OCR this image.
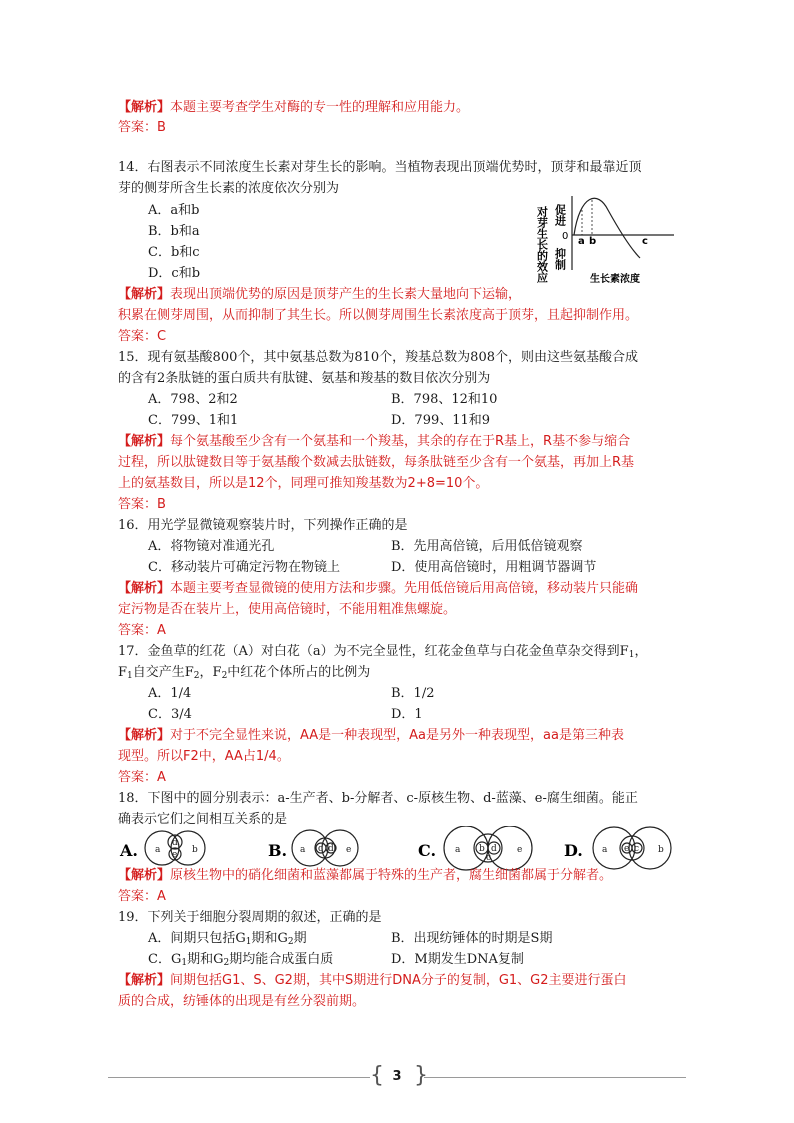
【解析】本题主要考查学生对酶的专一性的理解和应用能力。
答案：B
14．右图表示不同浓度生长素对芽生长的影响。当植物表现出顶端优势时，顶芽和最靠近顶
芽的侧芽所含生长素的浓度依次分别为
A．a和b
B．b和a
C．b和c
D．c和b	对芽生长的效应 促进
0
抑制
a b	c
生长素浓度
【解析】表现出顶端优势的原因是顶芽产生的生长素大量地向下运输，
积累在侧芽周围，从而抑制了其生长。所以侧芽周围生长素浓度高于顶芽，且起抑制作用。
答案：C
15．现有氨基酸800个，其中氨基总数为810个，羧基总数为808个，则由这些氨基酸合成
的含有2条肽链的蛋白质共有肽键、氨基和羧基的数目依次分别为
A．798、2和2	B．798、12和10
C．799、1和1	D．799、11和9
【解析】每个氨基酸至少含有一个氨基和一个羧基，其余的存在于R基上，R基不参与缩合
过程，所以肽键数目等于氨基酸个数减去肽链数，每条肽链至少含有一个氨基，再加上R基
上的氨基数目，所以是12个，同理可推知羧基数为2+8=10个。
答案：B
16．用光学显微镜观察装片时，下列操作正确的是
A．将物镜对准通光孔	B．先用高倍镜，后用低倍镜观察
C．移动装片可确定污物在物镜上	D．使用高倍镜时，用粗调节器调节
【解析】本题主要考查显微镜的使用方法和步骤。先用低倍镜后用高倍镜，移动装片只能确
定污物是否在装片上，使用高倍镜时，不能用粗准焦螺旋。
答案：A
17．金鱼草的红花（A）对白花（a）为不完全显性，红花金鱼草与白花金鱼草杂交得到$F_1$，
$F_1$自交产生$F_2$，$F_2$中红花个体所占的比例为
A．1/4	B．1/2
C．3/4	D．1
【解析】对于不完全显性来说，AA是一种表现型，Aa是另外一种表现型，aa是第三种表
现型。所以F2中，AA占1/4。
答案：A
18．下图中的圆分别表示：a-生产者、b-分解者、c-原核生物、d-蓝藻、e-腐生细菌。能正
确表示它们之间相互关系的是
A. a
d
e b	B. a c d e	C. a b
c
d e	D. a e c b
【解析】原核生物中的硝化细菌和蓝藻都属于特殊的生产者，腐生细菌都属于分解者。
答案：A
19．下列关于细胞分裂周期的叙述，正确的是
A．间期只包括$G_1$期和$G_2$期	B．出现纺锤体的时期是S期
C．$G_1$期和$G_2$期均能合成蛋白质	D．M期发生DNA复制
【解析】间期包括G1、S、G2期，其中S期进行DNA分子的复制，G1、G2主要进行蛋白
质的合成，纺锤体的出现是有丝分裂前期。
{ }
3
